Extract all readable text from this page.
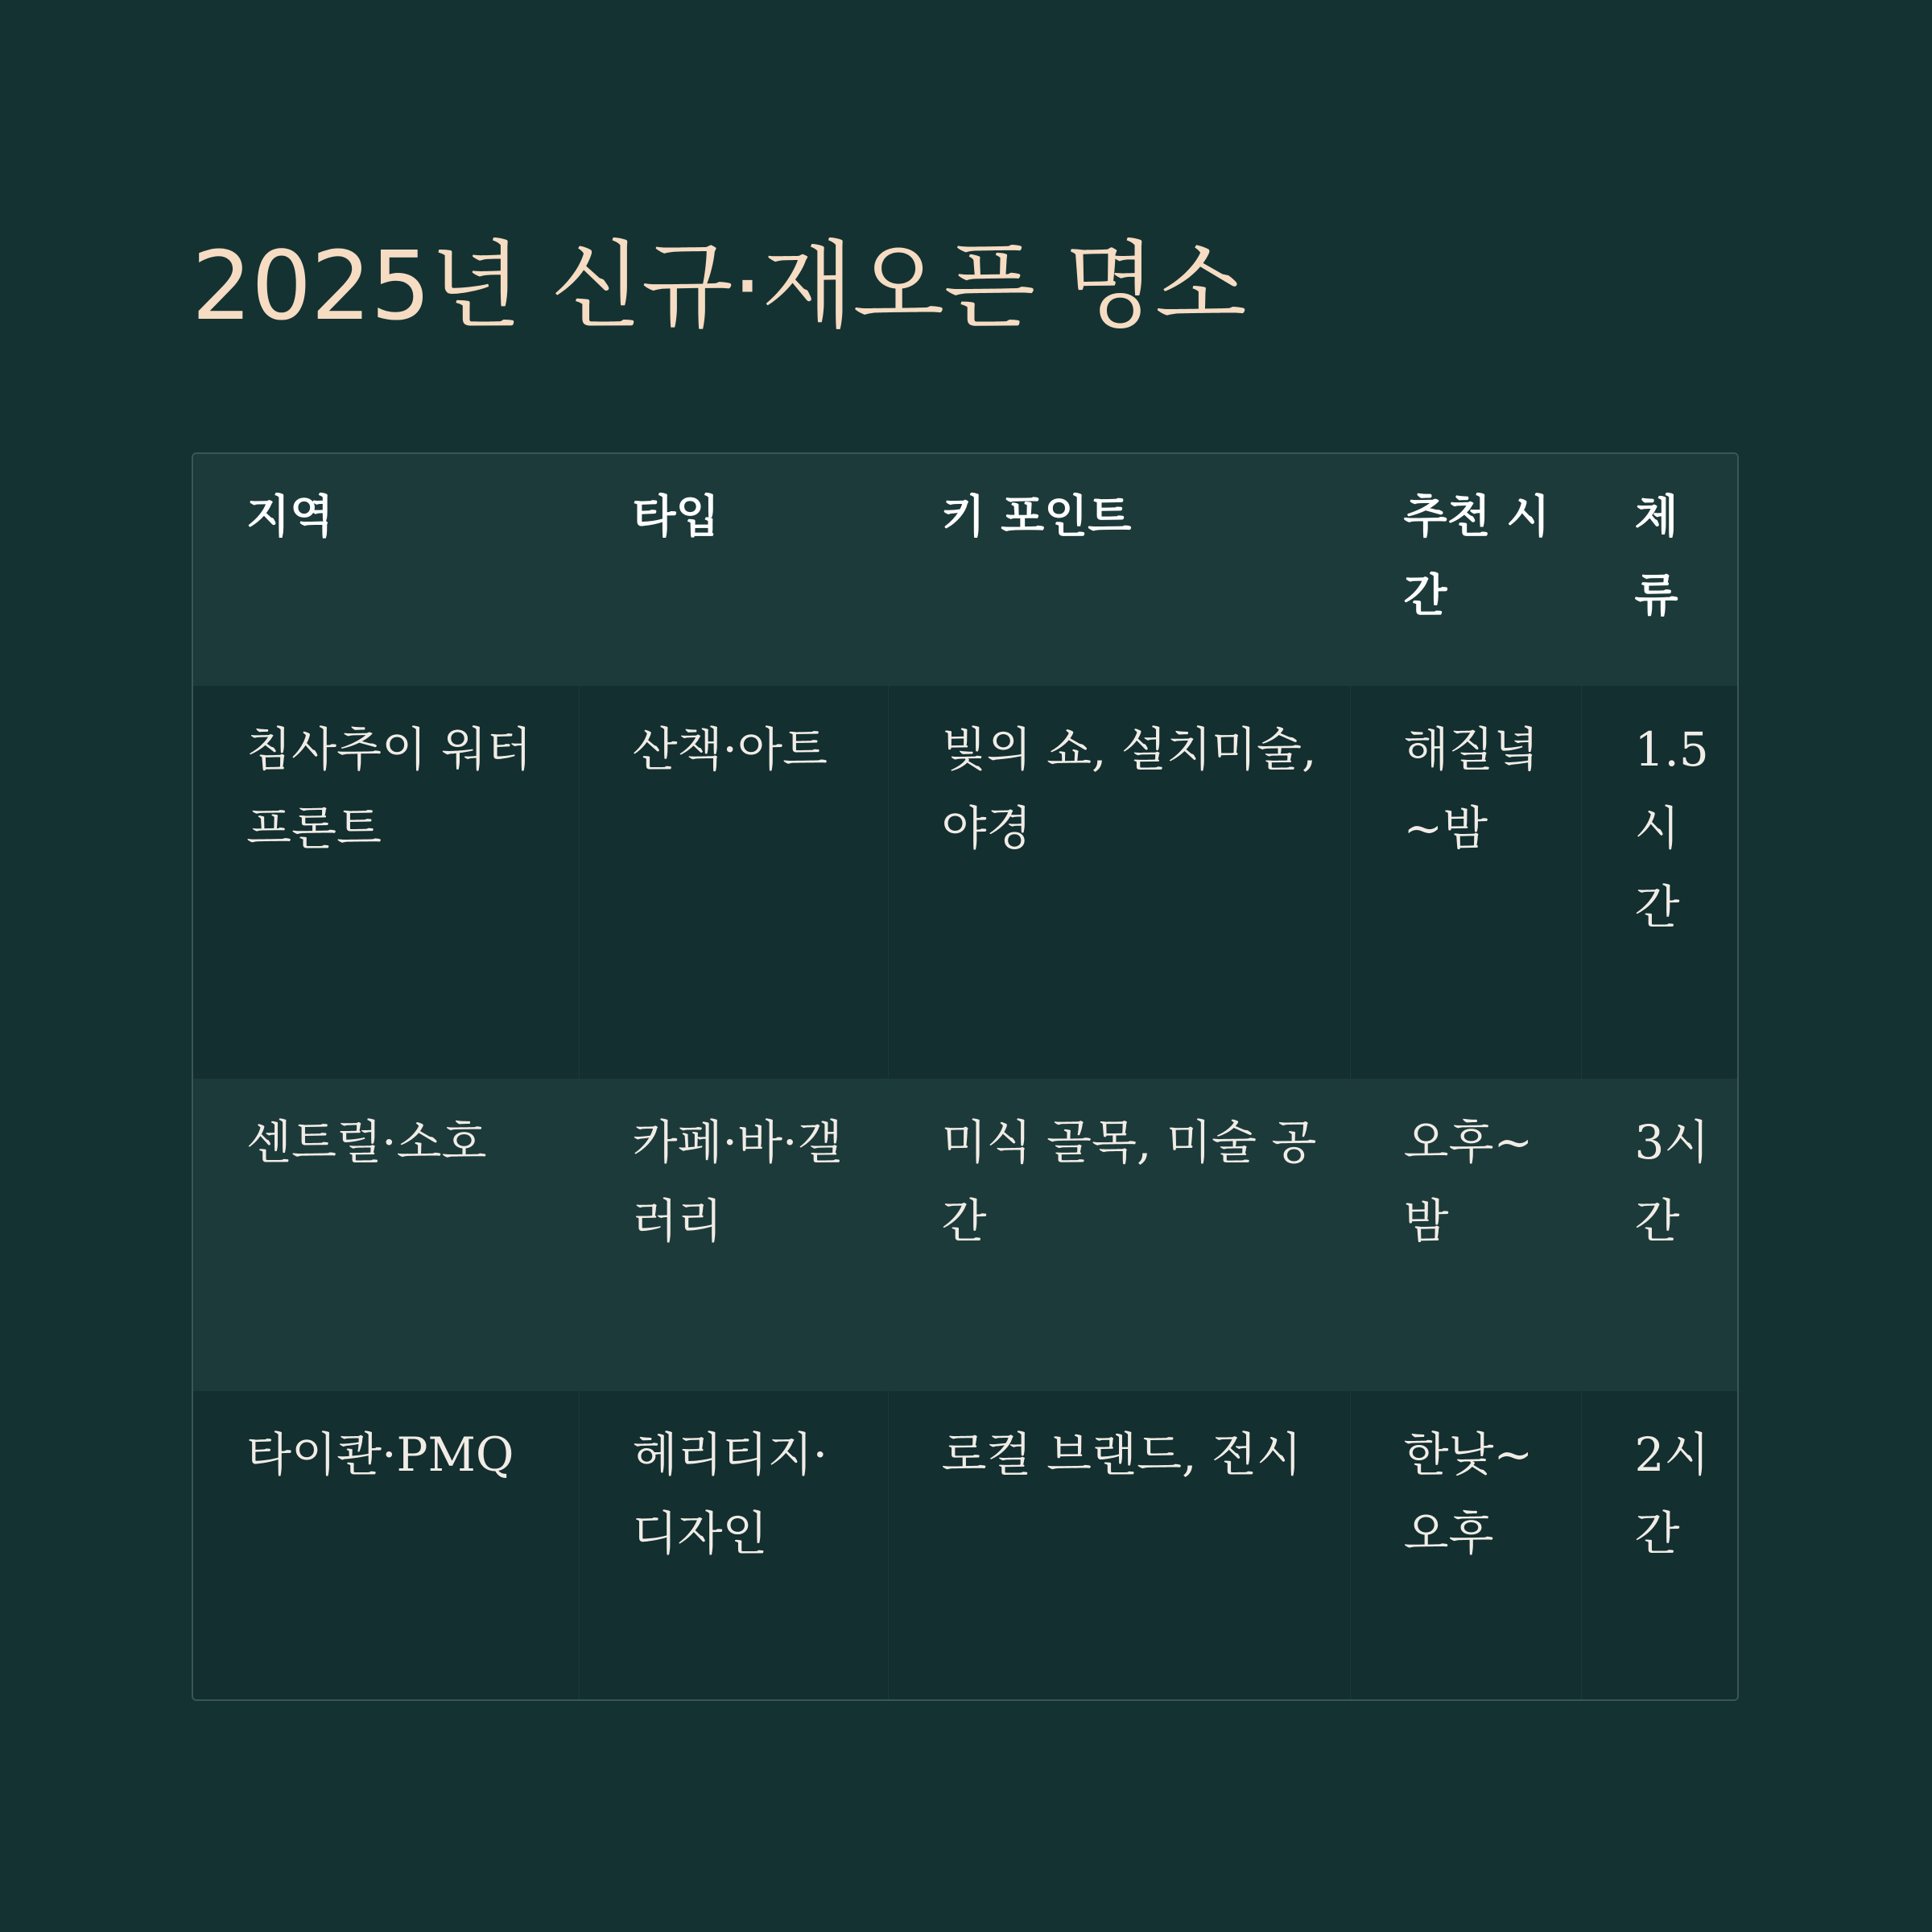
2025년 신규·재오픈 명소
지역	타입	키 포인트	추천 시간	체류
침사추이 워터프론트	산책·아트	빛의 쇼, 설치미술, 야경	해질녘~밤	1.5시간
센트럴·소호	카페·바·갤러리	미식 골목, 미술 공간	오후~밤	3시간
타이콴·PMQ	헤리티지·디자인	로컬 브랜드, 전시	한낮~오후	2시간
